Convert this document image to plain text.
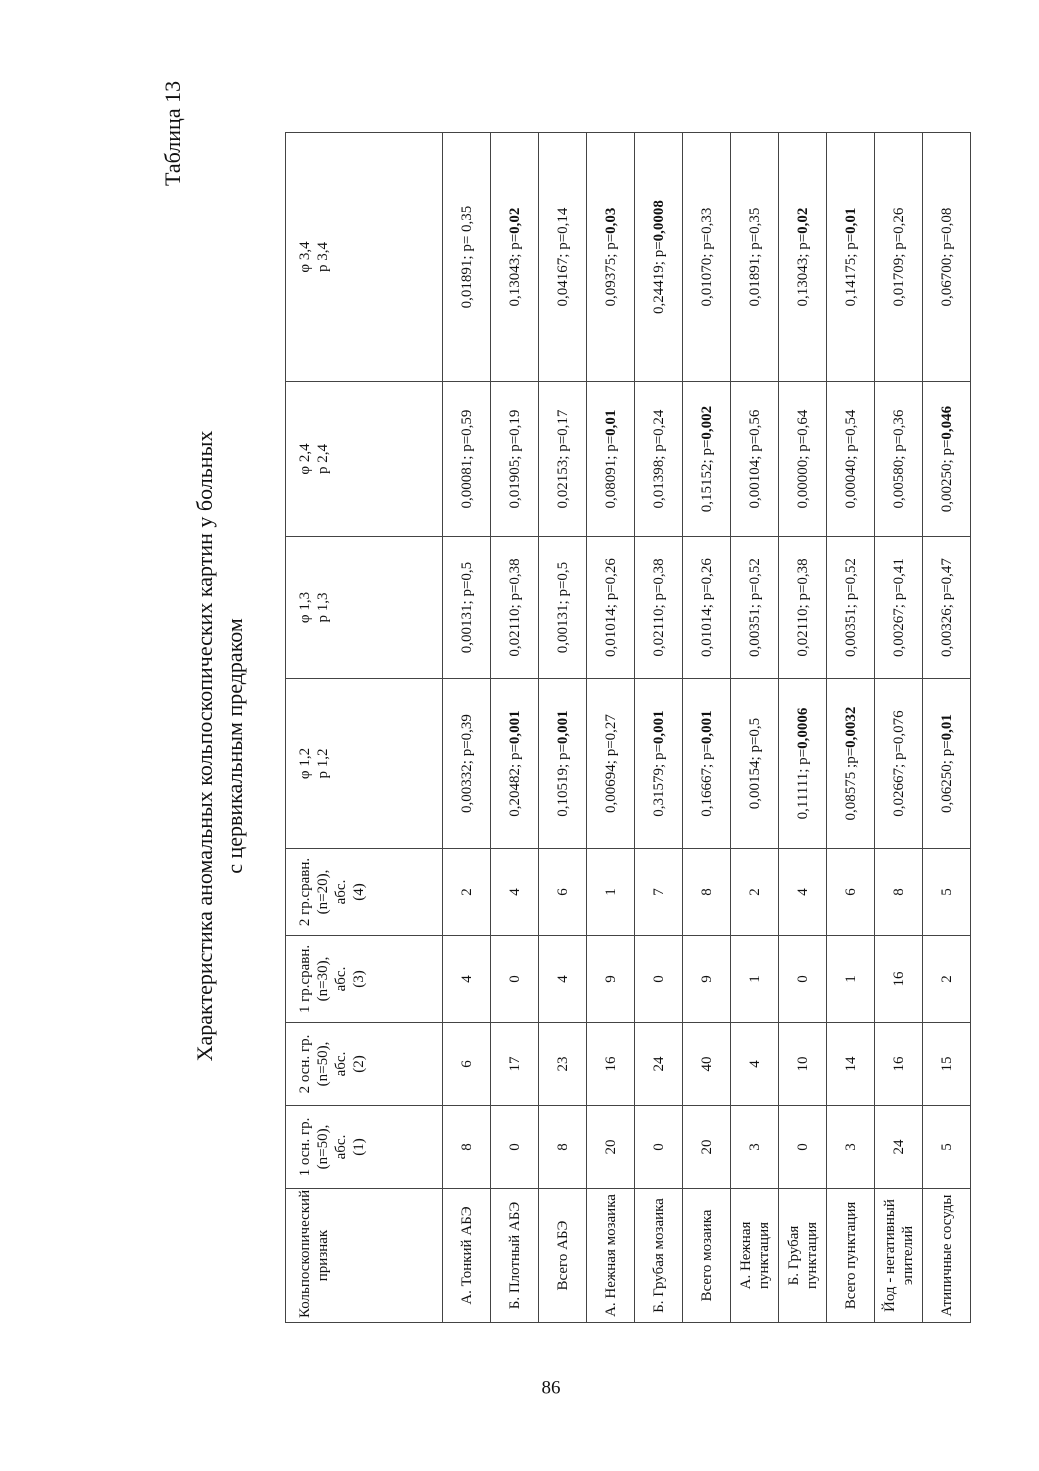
Таблица 13
Характеристика аномальных кольпоскопических картин у больных с цервикальным предраком
Кольпоскопический признак	1 осн. гр. (n=50), абс. (1)	2 осн. гр. (n=50), абс. (2)	1 гр.сравн. (n=30), абс. (3)	2 гр.сравн. (n=20), абс. (4)	φ 1,2 p 1,2	φ 1,3 p 1,3	φ 2,4 p 2,4	φ 3,4 p 3,4

А. Тонкий АБЭ	8	6	4	2	0,00332; р=0,39	0,00131; р=0,5	0,00081; р=0,59	0,01891; р= 0,35
Б. Плотный АБЭ	0	17	0	4	0,20482; р=0,001	0,02110; р=0,38	0,01905; р=0,19	0,13043; р=0,02
Всего АБЭ	8	23	4	6	0,10519; р=0,001	0,00131; р=0,5	0,02153; р=0,17	0,04167; р=0,14
А. Нежная мозаика	20	16	9	1	0,00694; р=0,27	0,01014; р=0,26	0,08091; р=0,01	0,09375; р=0,03
Б. Грубая мозаика	0	24	0	7	0,31579; р=0,001	0,02110; р=0,38	0,01398; р=0,24	0,24419; р=0,0008
Всего мозаика	20	40	9	8	0,16667; р=0,001	0,01014; р=0,26	0,15152; р=0,002	0,01070; р=0,33
А. Нежная пунктация	3	4	1	2	0,00154; р=0,5	0,00351; р=0,52	0,00104; р=0,56	0,01891; р=0,35
Б. Грубая пунктация	0	10	0	4	0,11111; р=0,0006	0,02110; р=0,38	0,00000; р=0,64	0,13043; р=0,02
Всего пунктация	3	14	1	6	0,08575 ;р=0,0032	0,00351; р=0,52	0,00040; р=0,54	0,14175; р=0,01
Йод - негативный эпителий	24	16	16	8	0,02667; р=0,076	0,00267; р=0,41	0,00580; р=0,36	0,01709; р=0,26
Атипичные сосуды	5	15	2	5	0,06250; р=0,01	0,00326; р=0,47	0,00250; р=0,046	0,06700; р=0,08
86
